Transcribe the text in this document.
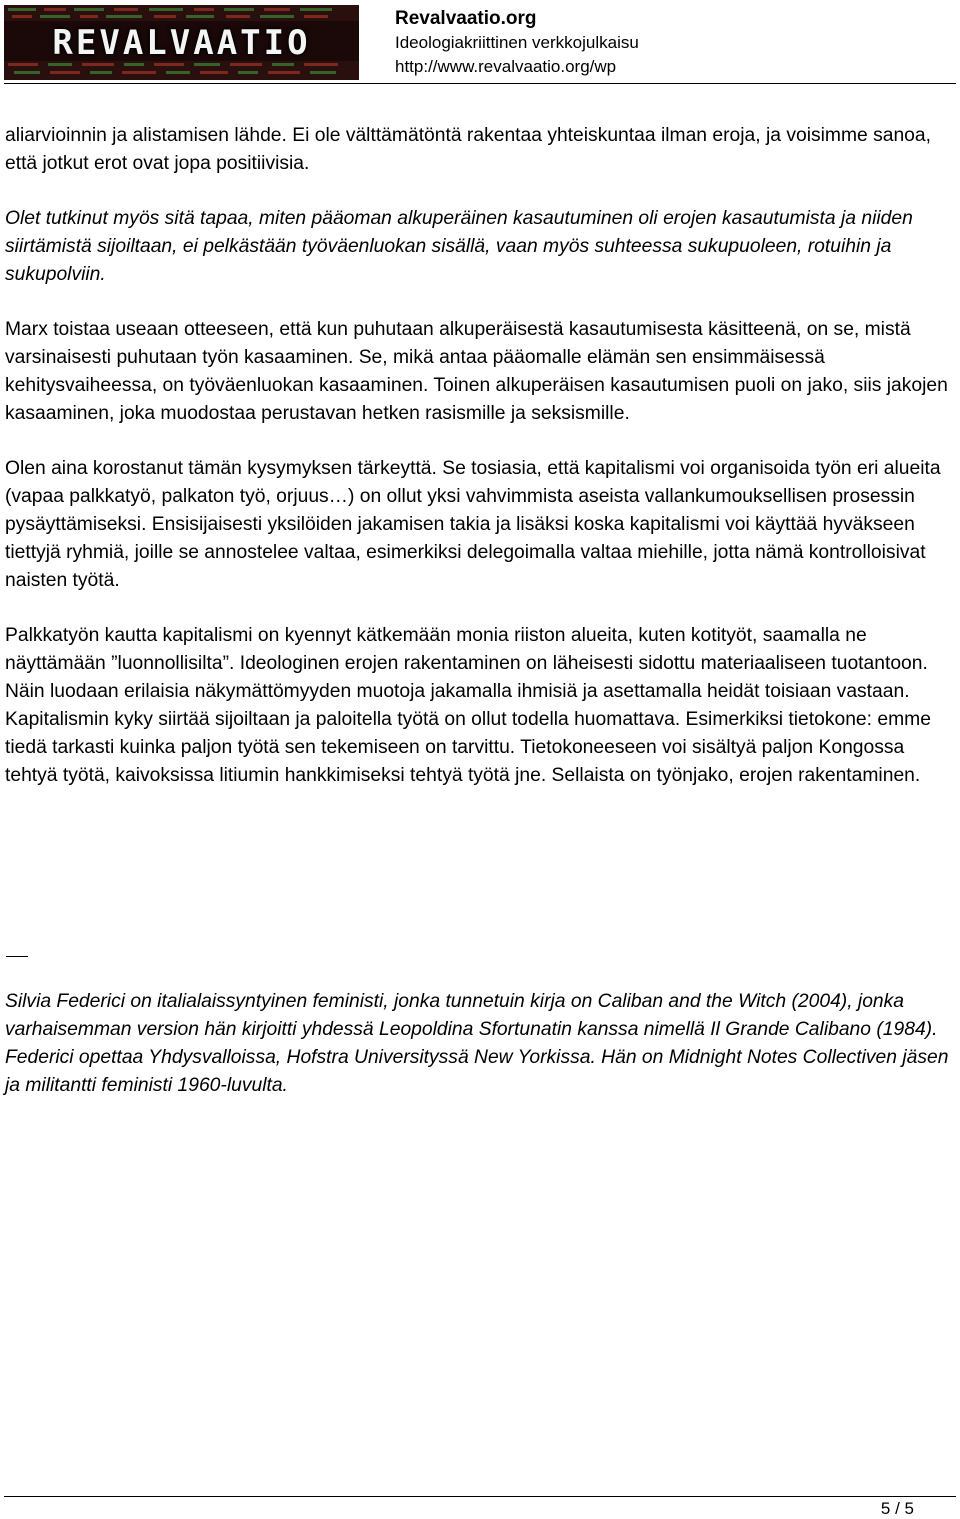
REVALVAATIO

Revalvaatio.org

Ideologiakriittinen verkkojulkaisu

http://www.revalvaatio.org/wp

aliarvioinnin ja alistamisen lähde. Ei ole välttämätöntä rakentaa yhteiskuntaa ilman eroja, ja voisimme sanoa, että jotkut erot ovat jopa positiivisia.

Olet tutkinut myös sitä tapaa, miten pääoman alkuperäinen kasautuminen oli erojen kasautumista ja niiden siirtämistä sijoiltaan, ei pelkästään työväenluokan sisällä, vaan myös suhteessa sukupuoleen, rotuihin ja sukupolviin.

Marx toistaa useaan otteeseen, että kun puhutaan alkuperäisestä kasautumisesta käsitteenä, on se, mistä varsinaisesti puhutaan työn kasaaminen. Se, mikä antaa pääomalle elämän sen ensimmäisessä kehitysvaiheessa, on työväenluokan kasaaminen. Toinen alkuperäisen kasautumisen puoli on jako, siis jakojen kasaaminen, joka muodostaa perustavan hetken rasismille ja seksismille.

Olen aina korostanut tämän kysymyksen tärkeyttä. Se tosiasia, että kapitalismi voi organisoida työn eri alueita (vapaa palkkatyö, palkaton työ, orjuus…) on ollut yksi vahvimmista aseista vallankumouksellisen prosessin pysäyttämiseksi. Ensisijaisesti yksilöiden jakamisen takia ja lisäksi koska kapitalismi voi käyttää hyväkseen tiettyjä ryhmiä, joille se annostelee valtaa, esimerkiksi delegoimalla valtaa miehille, jotta nämä kontrolloisivat naisten työtä.

Palkkatyön kautta kapitalismi on kyennyt kätkemään monia riiston alueita, kuten kotityöt, saamalla ne näyttämään ”luonnollisilta”. Ideologinen erojen rakentaminen on läheisesti sidottu materiaaliseen tuotantoon. Näin luodaan erilaisia näkymättömyyden muotoja jakamalla ihmisiä ja asettamalla heidät toisiaan vastaan. Kapitalismin kyky siirtää sijoiltaan ja paloitella työtä on ollut todella huomattava. Esimerkiksi tietokone: emme tiedä tarkasti kuinka paljon työtä sen tekemiseen on tarvittu. Tietokoneeseen voi sisältyä paljon Kongossa tehtyä työtä, kaivoksissa litiumin hankkimiseksi tehtyä työtä jne. Sellaista on työnjako, erojen rakentaminen.

Silvia Federici on italialaissyntyinen feministi, jonka tunnetuin kirja on Caliban and the Witch (2004), jonka varhaisemman version hän kirjoitti yhdessä Leopoldina Sfortunatin kanssa nimellä Il Grande Calibano (1984). Federici opettaa Yhdysvalloissa, Hofstra Universityssä New Yorkissa. Hän on Midnight Notes Collectiven jäsen ja militantti feministi 1960-luvulta.

5 / 5
